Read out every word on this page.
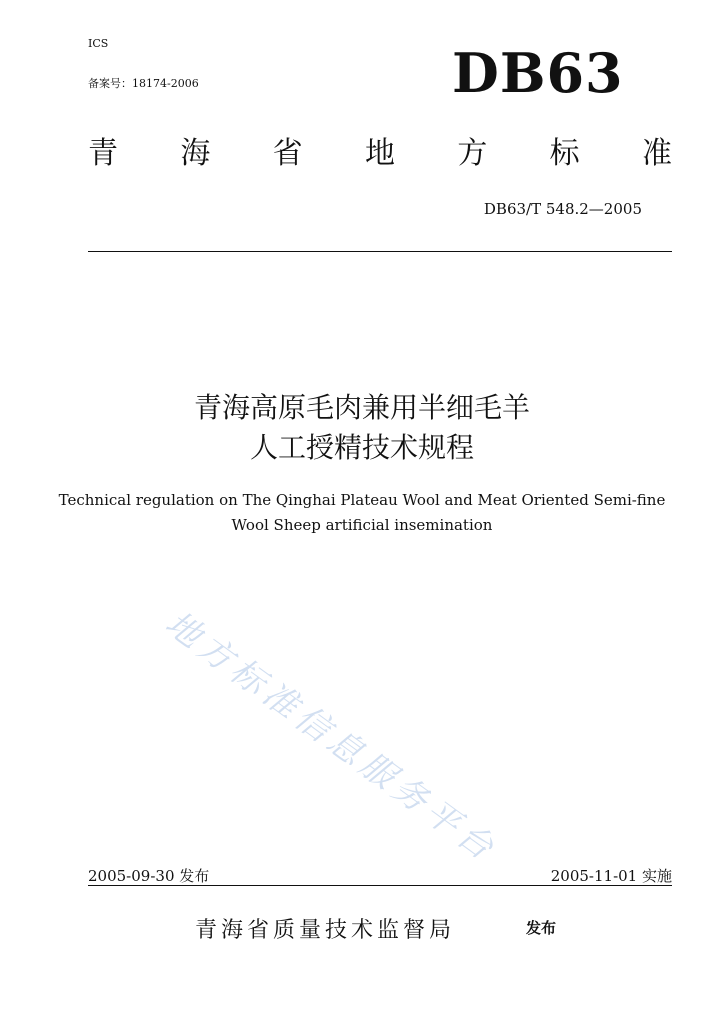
ICS
备案号：18174-2006	DB63
青 海 省 地 方 标 准
DB63/T 548.2—2005
青海高原毛肉兼用半细毛羊
人工授精技术规程
Technical regulation on The Qinghai Plateau Wool and Meat Oriented Semi-fine
Wool Sheep artificial insemination
地方标准信息服务平台
2005-09-30 发布	2005-11-01 实施
青海省质量技术监督局	发布
